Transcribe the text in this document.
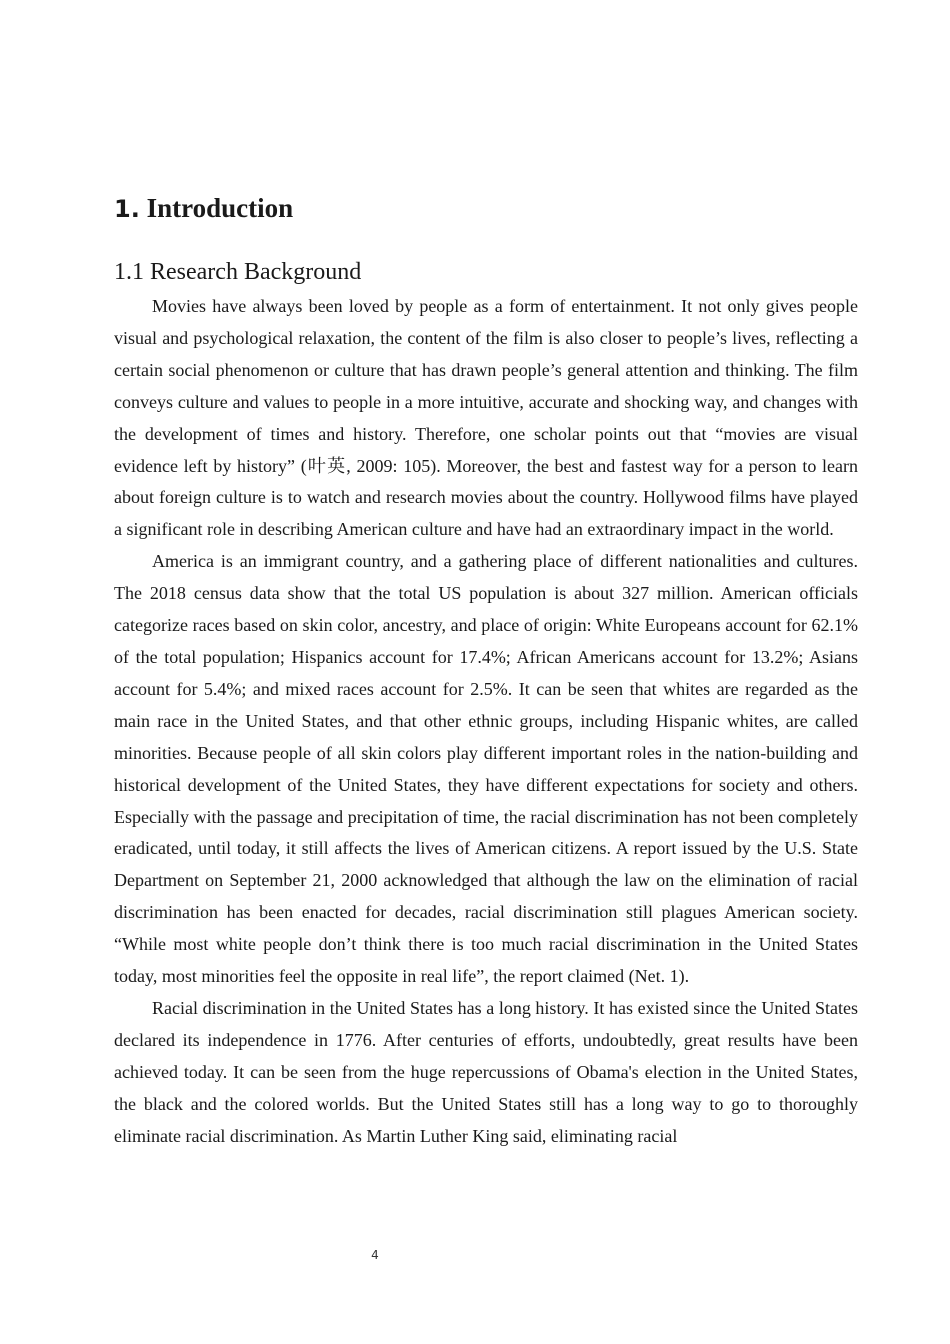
1. Introduction
1.1 Research Background

Movies have always been loved by people as a form of entertainment. It not only gives people visual and psychological relaxation, the content of the film is also closer to people’s lives, reflecting a certain social phenomenon or culture that has drawn people’s general attention and thinking. The film conveys culture and values to people in a more intuitive, accurate and shocking way, and changes with the development of times and history. Therefore, one scholar points out that “movies are visual evidence left by history” (叶英, 2009: 105). Moreover, the best and fastest way for a person to learn about foreign culture is to watch and research movies about the country. Hollywood films have played a significant role in describing American culture and have had an extraordinary impact in the world.

America is an immigrant country, and a gathering place of different nationalities and cultures. The 2018 census data show that the total US population is about 327 million. American officials categorize races based on skin color, ancestry, and place of origin: White Europeans account for 62.1% of the total population; Hispanics account for 17.4%; African Americans account for 13.2%; Asians account for 5.4%; and mixed races account for 2.5%. It can be seen that whites are regarded as the main race in the United States, and that other ethnic groups, including Hispanic whites, are called minorities. Because people of all skin colors play different important roles in the nation-building and historical development of the United States, they have different expectations for society and others. Especially with the passage and precipitation of time, the racial discrimination has not been completely eradicated, until today, it still affects the lives of American citizens. A report issued by the U.S. State Department on September 21, 2000 acknowledged that although the law on the elimination of racial discrimination has been enacted for decades, racial discrimination still plagues American society. “While most white people don’t think there is too much racial discrimination in the United States today, most minorities feel the opposite in real life”, the report claimed (Net. 1).

Racial discrimination in the United States has a long history. It has existed since the United States declared its independence in 1776. After centuries of efforts, undoubtedly, great results have been achieved today. It can be seen from the huge repercussions of Obama's election in the United States, the black and the colored worlds. But the United States still has a long way to go to thoroughly eliminate racial discrimination. As Martin Luther King said, eliminating racial

4
